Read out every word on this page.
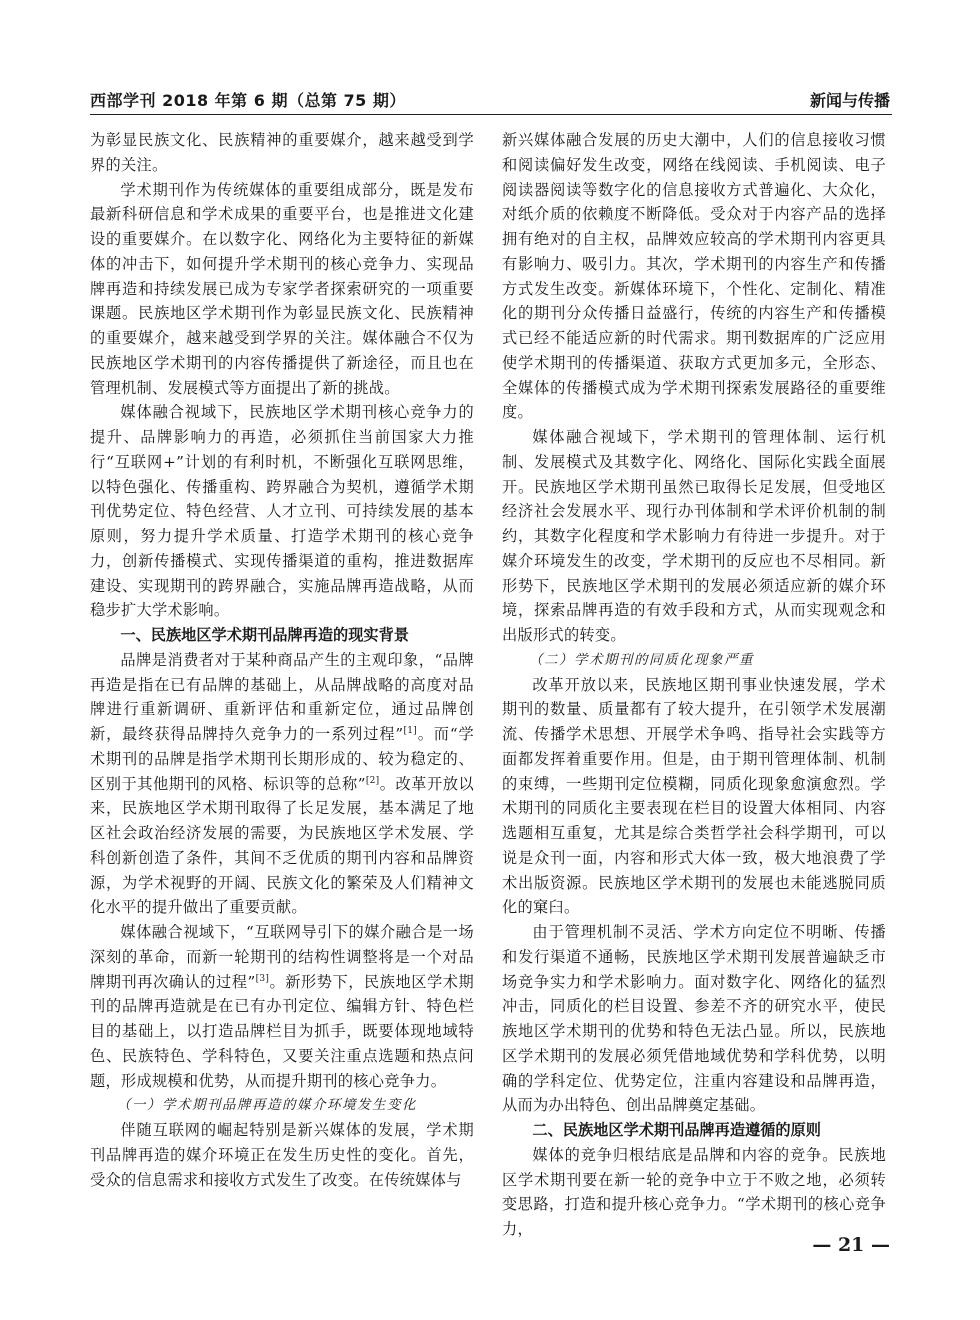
西部学刊 2018 年第 6 期（总第 75 期）	新闻与传播

为彰显民族文化、民族精神的重要媒介，越来越受到学界的关注。

学术期刊作为传统媒体的重要组成部分，既是发布最新科研信息和学术成果的重要平台，也是推进文化建设的重要媒介。在以数字化、网络化为主要特征的新媒体的冲击下，如何提升学术期刊的核心竞争力、实现品牌再造和持续发展已成为专家学者探索研究的一项重要课题。民族地区学术期刊作为彰显民族文化、民族精神的重要媒介，越来越受到学界的关注。媒体融合不仅为民族地区学术期刊的内容传播提供了新途径，而且也在管理机制、发展模式等方面提出了新的挑战。

媒体融合视域下，民族地区学术期刊核心竞争力的提升、品牌影响力的再造，必须抓住当前国家大力推行“互联网+”计划的有利时机，不断强化互联网思维，以特色强化、传播重构、跨界融合为契机，遵循学术期刊优势定位、特色经营、人才立刊、可持续发展的基本原则，努力提升学术质量、打造学术期刊的核心竞争力，创新传播模式、实现传播渠道的重构，推进数据库建设、实现期刊的跨界融合，实施品牌再造战略，从而稳步扩大学术影响。

一、民族地区学术期刊品牌再造的现实背景

品牌是消费者对于某种商品产生的主观印象，“品牌再造是指在已有品牌的基础上，从品牌战略的高度对品牌进行重新调研、重新评估和重新定位，通过品牌创新，最终获得品牌持久竞争力的一系列过程”[1]。而“学术期刊的品牌是指学术期刊长期形成的、较为稳定的、区别于其他期刊的风格、标识等的总称”[2]。改革开放以来，民族地区学术期刊取得了长足发展，基本满足了地区社会政治经济发展的需要，为民族地区学术发展、学科创新创造了条件，其间不乏优质的期刊内容和品牌资源，为学术视野的开阔、民族文化的繁荣及人们精神文化水平的提升做出了重要贡献。

媒体融合视域下，“互联网导引下的媒介融合是一场深刻的革命，而新一轮期刊的结构性调整将是一个对品牌期刊再次确认的过程”[3]。新形势下，民族地区学术期刊的品牌再造就是在已有办刊定位、编辑方针、特色栏目的基础上，以打造品牌栏目为抓手，既要体现地域特色、民族特色、学科特色，又要关注重点选题和热点问题，形成规模和优势，从而提升期刊的核心竞争力。

（一）学术期刊品牌再造的媒介环境发生变化

伴随互联网的崛起特别是新兴媒体的发展，学术期刊品牌再造的媒介环境正在发生历史性的变化。首先，受众的信息需求和接收方式发生了改变。在传统媒体与

新兴媒体融合发展的历史大潮中，人们的信息接收习惯和阅读偏好发生改变，网络在线阅读、手机阅读、电子阅读器阅读等数字化的信息接收方式普遍化、大众化，对纸介质的依赖度不断降低。受众对于内容产品的选择拥有绝对的自主权，品牌效应较高的学术期刊内容更具有影响力、吸引力。其次，学术期刊的内容生产和传播方式发生改变。新媒体环境下，个性化、定制化、精准化的期刊分众传播日益盛行，传统的内容生产和传播模式已经不能适应新的时代需求。期刊数据库的广泛应用使学术期刊的传播渠道、获取方式更加多元，全形态、全媒体的传播模式成为学术期刊探索发展路径的重要维度。

媒体融合视域下，学术期刊的管理体制、运行机制、发展模式及其数字化、网络化、国际化实践全面展开。民族地区学术期刊虽然已取得长足发展，但受地区经济社会发展水平、现行办刊体制和学术评价机制的制约，其数字化程度和学术影响力有待进一步提升。对于媒介环境发生的改变，学术期刊的反应也不尽相同。新形势下，民族地区学术期刊的发展必须适应新的媒介环境，探索品牌再造的有效手段和方式，从而实现观念和出版形式的转变。

（二）学术期刊的同质化现象严重

改革开放以来，民族地区期刊事业快速发展，学术期刊的数量、质量都有了较大提升，在引领学术发展潮流、传播学术思想、开展学术争鸣、指导社会实践等方面都发挥着重要作用。但是，由于期刊管理体制、机制的束缚，一些期刊定位模糊，同质化现象愈演愈烈。学术期刊的同质化主要表现在栏目的设置大体相同、内容选题相互重复，尤其是综合类哲学社会科学期刊，可以说是众刊一面，内容和形式大体一致，极大地浪费了学术出版资源。民族地区学术期刊的发展也未能逃脱同质化的窠臼。

由于管理机制不灵活、学术方向定位不明晰、传播和发行渠道不通畅，民族地区学术期刊发展普遍缺乏市场竞争实力和学术影响力。面对数字化、网络化的猛烈冲击，同质化的栏目设置、参差不齐的研究水平，使民族地区学术期刊的优势和特色无法凸显。所以，民族地区学术期刊的发展必须凭借地域优势和学科优势，以明确的学科定位、优势定位，注重内容建设和品牌再造，从而为办出特色、创出品牌奠定基础。

二、民族地区学术期刊品牌再造遵循的原则

媒体的竞争归根结底是品牌和内容的竞争。民族地区学术期刊要在新一轮的竞争中立于不败之地，必须转变思路，打造和提升核心竞争力。“学术期刊的核心竞争力，

— 21 —
